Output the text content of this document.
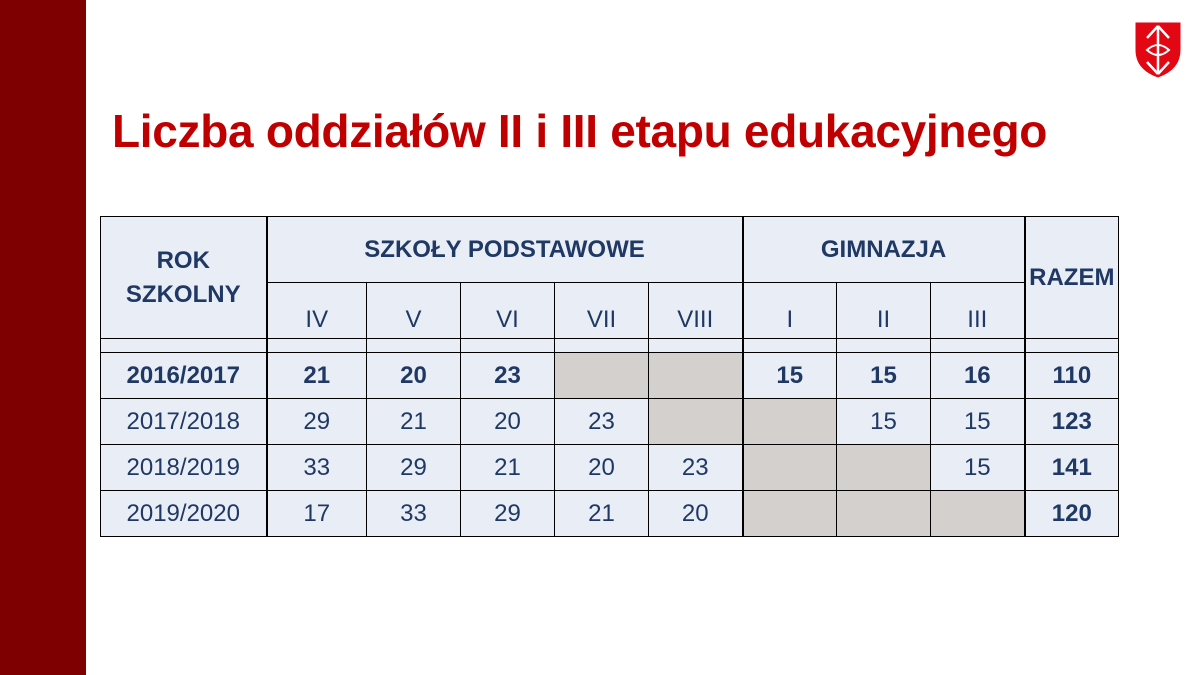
Liczba oddziałów II i III etapu edukacyjnego
ROK
SZKOLNY	SZKOŁY PODSTAWOWE					GIMNAZJA			RAZEM
	IV	V	VI	VII	VIII	I	II	III	

2016/2017	21	20	23			15	15	16	110
2017/2018	29	21	20	23			15	15	123
2018/2019	33	29	21	20	23			15	141
2019/2020	17	33	29	21	20				120
